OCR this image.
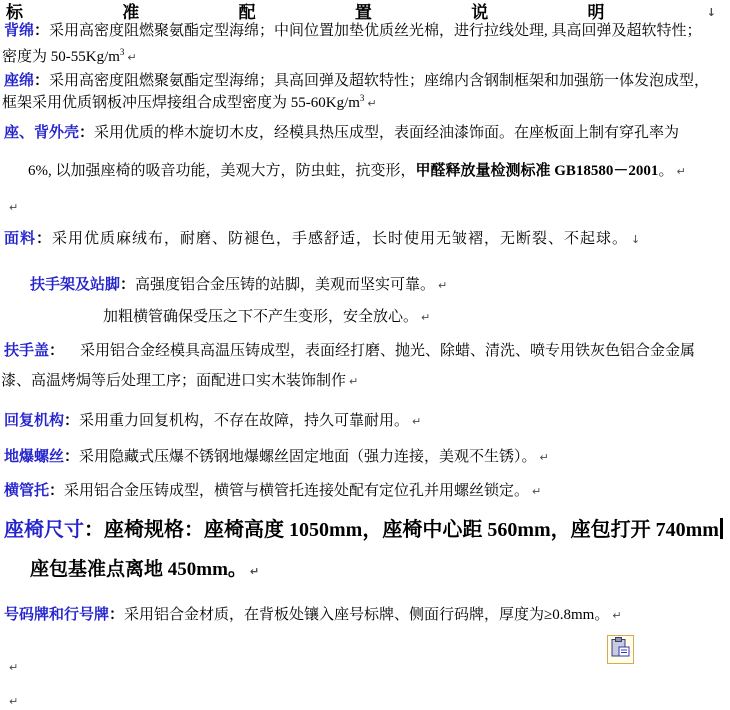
标	准	配	置	说	明	↓
背绵：采用高密度阻燃聚氨酯定型海绵；中间位置加垫优质丝光棉，进行拉线处理, 具高回弹及超软特性；
密度为 $50-55Kg/m^3$ ↵
座绵：采用高密度阻燃聚氨酯定型海绵；具高回弹及超软特性；座绵内含钢制框架和加强筋一体发泡成型，
框架采用优质钢板冲压焊接组合成型密度为 $55-60Kg/m^3$ ↵
座、背外壳：采用优质的桦木旋切木皮，经模具热压成型，表面经油漆饰面。在座板面上制有穿孔率为
6%, 以加强座椅的吸音功能，美观大方，防虫蛀，抗变形，甲醛释放量检测标准 GB18580－2001。 ↵
↵
面料：采用优质麻绒布，耐磨、防褪色，手感舒适，长时使用无皱褶，无断裂、不起球。 ↓
扶手架及站脚：高强度铝合金压铸的站脚，美观而坚实可靠。 ↵
加粗横管确保受压之下不产生变形，安全放心。 ↵
扶手盖： 采用铝合金经模具高温压铸成型，表面经打磨、抛光、除蜡、清洗、喷专用铁灰色铝合金金属
漆、高温烤焗等后处理工序；面配进口实木装饰制作 ↵
回复机构：采用重力回复机构，不存在故障，持久可靠耐用。 ↵
地爆螺丝：采用隐藏式压爆不锈钢地爆螺丝固定地面（强力连接，美观不生锈）。 ↵
横管托：采用铝合金压铸成型，横管与横管托连接处配有定位孔并用螺丝锁定。 ↵
座椅尺寸：座椅规格：座椅高度 1050mm，座椅中心距 560mm，座包打开 740mm
座包基准点离地 450mm。 ↵
号码牌和行号牌：采用铝合金材质，在背板处镶入座号标牌、侧面行码牌，厚度为≥0.8mm。 ↵
↵
↵
